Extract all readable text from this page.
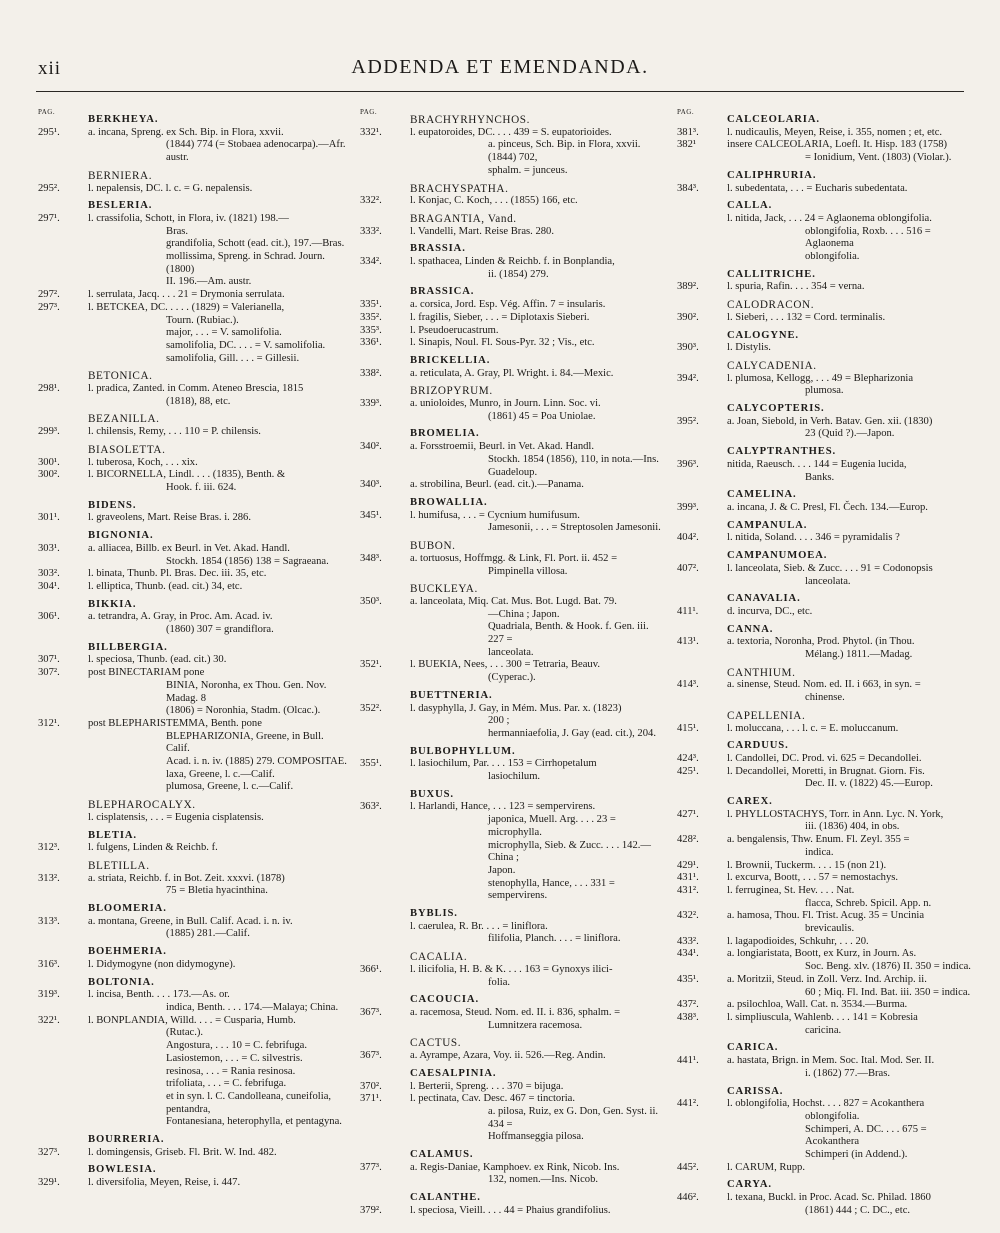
xii	ADDENDA ET EMENDANDA.
PAG.
BERKHEYA.
295¹.	a. incana, Spreng. ex Sch. Bip. in Flora, xxvii.
(1844) 774 (= Stobaea adenocarpa).—Afr.
austr.
BERNIERA.
295².	l. nepalensis, DC. l. c. = G. nepalensis.
BESLERIA.
297¹.	l. crassifolia, Schott, in Flora, iv. (1821) 198.—
Bras.
grandifolia, Schott (ead. cit.), 197.—Bras.
mollissima, Spreng. in Schrad. Journ. (1800)
II. 196.—Am. austr.
297².	l. serrulata, Jacq. . . . 21 = Drymonia serrulata.
297³.	l. BETCKEA, DC. . . . . (1829) = Valerianella,
Tourn. (Rubiac.).
major, . . . = V. samolifolia.
samolifolia, DC. . . . = V. samolifolia.
samolifolia, Gill. . . . = Gillesii.
BETONICA.
298¹.	l. pradica, Zanted. in Comm. Ateneo Brescia, 1815
(1818), 88, etc.
BEZANILLA.
299³.	l. chilensis, Remy, . . . 110 = P. chilensis.
BIASOLETTA.
300¹.	l. tuberosa, Koch, . . . xix.
300².	l. BICORNELLA, Lindl. . . . (1835), Benth. &
Hook. f. iii. 624.
BIDENS.
301¹.	l. graveolens, Mart. Reise Bras. i. 286.
BIGNONIA.
303¹.	a. alliacea, Billb. ex Beurl. in Vet. Akad. Handl.
Stockh. 1854 (1856) 138 = Sagraeana.
303².	l. binata, Thunb. Pl. Bras. Dec. iii. 35, etc.
304¹.	l. elliptica, Thunb. (ead. cit.) 34, etc.
BIKKIA.
306¹.	a. tetrandra, A. Gray, in Proc. Am. Acad. iv.
(1860) 307 = grandiflora.
BILLBERGIA.
307¹.	l. speciosa, Thunb. (ead. cit.) 30.
307².	post BINECTARIAM pone
BINIA, Noronha, ex Thou. Gen. Nov. Madag. 8
(1806) = Noronhia, Stadm. (Olcac.).
312¹.	post BLEPHARISTEMMA, Benth. pone
BLEPHARIZONIA, Greene, in Bull. Calif.
Acad. i. n. iv. (1885) 279. COMPOSITAE.
laxa, Greene, l. c.—Calif.
plumosa, Greene, l. c.—Calif.
BLEPHAROCALYX.
l. cisplatensis, . . . = Eugenia cisplatensis.
BLETIA.
312³.	l. fulgens, Linden & Reichb. f.
BLETILLA.
313².	a. striata, Reichb. f. in Bot. Zeit. xxxvi. (1878)
75 = Bletia hyacinthina.
BLOOMERIA.
313³.	a. montana, Greene, in Bull. Calif. Acad. i. n. iv.
(1885) 281.—Calif.
BOEHMERIA.
316³.	l. Didymogyne (non didymogyne).
BOLTONIA.
319³.	l. incisa, Benth. . . . 173.—As. or.
indica, Benth. . . . 174.—Malaya; China.
322¹.	l. BONPLANDIA, Willd. . . . = Cusparia, Humb.
(Rutac.).
Angostura, . . . 10 = C. febrifuga.
Lasiostemon, . . . = C. silvestris.
resinosa, . . . = Rania resinosa.
trifoliata, . . . = C. febrifuga.
et in syn. l. C. Candolleana, cuneifolia, pentandra,
Fontanesiana, heterophylla, et pentagyna.
BOURRERIA.
327³.	l. domingensis, Griseb. Fl. Brit. W. Ind. 482.
BOWLESIA.
329¹.	l. diversifolia, Meyen, Reise, i. 447.
PAG.
BRACHYRHYNCHOS.
332¹.	l. eupatoroides, DC. . . . 439 = S. eupatorioides.
a. pinceus, Sch. Bip. in Flora, xxvii. (1844) 702,
sphalm. = junceus.
BRACHYSPATHA.
332².	l. Konjac, C. Koch, . . . (1855) 166, etc.
BRAGANTIA, Vand.
333².	l. Vandelli, Mart. Reise Bras. 280.
BRASSIA.
334².	l. spathacea, Linden & Reichb. f. in Bonplandia,
ii. (1854) 279.
BRASSICA.
335¹.	a. corsica, Jord. Esp. Vég. Affin. 7 = insularis.
335².	l. fragilis, Sieber, . . . = Diplotaxis Sieberi.
335³.	l. Pseudoerucastrum.
336¹.	l. Sinapis, Noul. Fl. Sous-Pyr. 32 ; Vis., etc.
BRICKELLIA.
338².	a. reticulata, A. Gray, Pl. Wright. i. 84.—Mexic.
BRIZOPYRUM.
339³.	a. unioloides, Munro, in Journ. Linn. Soc. vi.
(1861) 45 = Poa Uniolae.
BROMELIA.
340².	a. Forsstroemii, Beurl. in Vet. Akad. Handl.
Stockh. 1854 (1856), 110, in nota.—Ins.
Guadeloup.
340³.	a. strobilina, Beurl. (ead. cit.).—Panama.
BROWALLIA.
345¹.	l. humifusa, . . . = Cycnium humifusum.
Jamesonii, . . . = Streptosolen Jamesonii.
BUBON.
348³.	a. tortuosus, Hoffmgg. & Link, Fl. Port. ii. 452 =
Pimpinella villosa.
BUCKLEYA.
350³.	a. lanceolata, Miq. Cat. Mus. Bot. Lugd. Bat. 79.
—China ; Japon.
Quadriala, Benth. & Hook. f. Gen. iii. 227 =
lanceolata.
352¹.	l. BUEKIA, Nees, . . . 300 = Tetraria, Beauv.
(Cyperac.).
BUETTNERIA.
352².	l. dasyphylla, J. Gay, in Mém. Mus. Par. x. (1823)
200 ;
hermanniaefolia, J. Gay (ead. cit.), 204.
BULBOPHYLLUM.
355¹.	l. lasiochilum, Par. . . . 153 = Cirrhopetalum
lasiochilum.
BUXUS.
363².	l. Harlandi, Hance, . . . 123 = sempervirens.
japonica, Muell. Arg. . . . 23 = microphylla.
microphylla, Sieb. & Zucc. . . . 142.—China ;
Japon.
stenophylla, Hance, . . . 331 = sempervirens.
BYBLIS.
l. caerulea, R. Br. . . . = liniflora.
filifolia, Planch. . . . = liniflora.
CACALIA.
366¹.	l. ilicifolia, H. B. & K. . . . 163 = Gynoxys ilici-
folia.
CACOUCIA.
367³.	a. racemosa, Steud. Nom. ed. II. i. 836, sphalm. =
Lumnitzera racemosa.
CACTUS.
367³.	a. Ayrampe, Azara, Voy. ii. 526.—Reg. Andin.
CAESALPINIA.
370².	l. Berterii, Spreng. . . . 370 = bijuga.
371¹.	l. pectinata, Cav. Desc. 467 = tinctoria.
a. pilosa, Ruiz, ex G. Don, Gen. Syst. ii. 434 =
Hoffmanseggia pilosa.
CALAMUS.
377³.	a. Regis-Daniae, Kamphoev. ex Rink, Nicob. Ins.
132, nomen.—Ins. Nicob.
CALANTHE.
379².	l. speciosa, Vieill. . . . 44 = Phaius grandifolius.
PAG.
CALCEOLARIA.
381³.	l. nudicaulis, Meyen, Reise, i. 355, nomen ; et, etc.
382¹	insere CALCEOLARIA, Loefl. It. Hisp. 183 (1758)
= Ionidium, Vent. (1803) (Violar.).
CALIPHRURIA.
384³.	l. subedentata, . . . = Eucharis subedentata.
CALLA.
l. nitida, Jack, . . . 24 = Aglaonema oblongifolia.
oblongifolia, Roxb. . . . 516 = Aglaonema
oblongifolia.
CALLITRICHE.
389².	l. spuria, Rafin. . . . 354 = verna.
CALODRACON.
390².	l. Sieberi, . . . 132 = Cord. terminalis.
CALOGYNE.
390³.	l. Distylis.
CALYCADENIA.
394².	l. plumosa, Kellogg, . . . 49 = Blepharizonia
plumosa.
CALYCOPTERIS.
395².	a. Joan, Siebold, in Verh. Batav. Gen. xii. (1830)
23 (Quid ?).—Japon.
CALYPTRANTHES.
396³.	nitida, Raeusch. . . . 144 = Eugenia lucida,
Banks.
CAMELINA.
399³.	a. incana, J. & C. Presl, Fl. Čech. 134.—Europ.
CAMPANULA.
404².	l. nitida, Soland. . . . 346 = pyramidalis ?
CAMPANUMOEA.
407².	l. lanceolata, Sieb. & Zucc. . . . 91 = Codonopsis
lanceolata.
CANAVALIA.
411¹.	d. incurva, DC., etc.
CANNA.
413¹.	a. textoria, Noronha, Prod. Phytol. (in Thou.
Mélang.) 1811.—Madag.
CANTHIUM.
414³.	a. sinense, Steud. Nom. ed. II. i 663, in syn. =
chinense.
CAPELLENIA.
415¹.	l. moluccana, . . . l. c. = E. moluccanum.
CARDUUS.
424³.	l. Candollei, DC. Prod. vi. 625 = Decandollei.
425¹.	l. Decandollei, Moretti, in Brugnat. Giorn. Fis.
Dec. II. v. (1822) 45.—Europ.
CAREX.
427¹.	l. PHYLLOSTACHYS, Torr. in Ann. Lyc. N. York,
iii. (1836) 404, in obs.
428².	a. bengalensis, Thw. Enum. Fl. Zeyl. 355 =
indica.
429¹.	l. Brownii, Tuckerm. . . . 15 (non 21).
431¹.	l. excurva, Boott, . . . 57 = nemostachys.
431².	l. ferruginea, St. Hev. . . . Nat.
flacca, Schreb. Spicil. App. n.
432².	a. hamosa, Thou. Fl. Trist. Acug. 35 = Uncinia
brevicaulis.
433².	l. lagapodioides, Schkuhr, . . . 20.
434¹.	a. longiaristata, Boott, ex Kurz, in Journ. As.
Soc. Beng. xlv. (1876) II. 350 = indica.
435¹.	a. Moritzii, Steud. in Zoll. Verz. Ind. Archip. ii.
60 ; Miq. Fl. Ind. Bat. iii. 350 = indica.
437².	a. psilochloa, Wall. Cat. n. 3534.—Burma.
438³.	l. simpliuscula, Wahlenb. . . . 141 = Kobresia
caricina.
CARICA.
441¹.	a. hastata, Brign. in Mem. Soc. Ital. Mod. Ser. II.
i. (1862) 77.—Bras.
CARISSA.
441².	l. oblongifolia, Hochst. . . . 827 = Acokanthera
oblongifolia.
Schimperi, A. DC. . . . 675 = Acokanthera
Schimperi (in Addend.).
445².	l. CARUM, Rupp.
CARYA.
446².	l. texana, Buckl. in Proc. Acad. Sc. Philad. 1860
(1861) 444 ; C. DC., etc.
